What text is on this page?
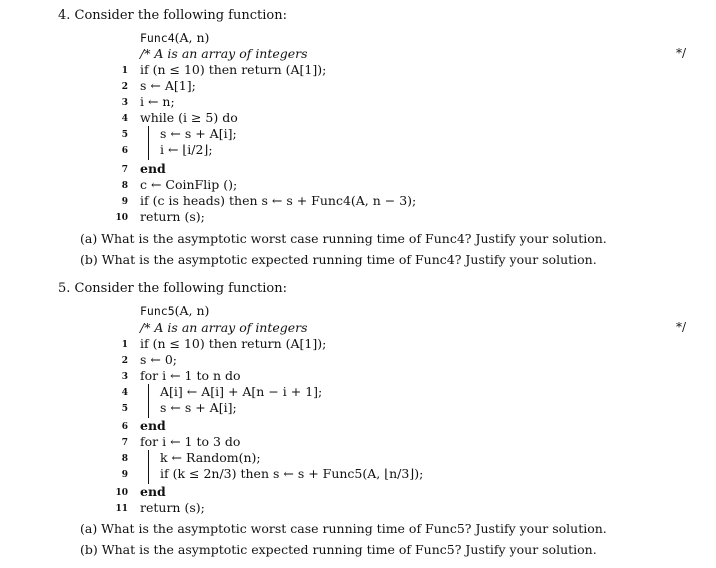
4. Consider the following function:
Func4(A, n)
/* A is an array of integers	*/
1 if (n ≤ 10) then return (A[1]);
2 s ← A[1];
3 i ← n;
4 while (i ≥ 5) do
5	s ← s + A[i];
6	i ← ⌊i/2⌋;
7 end
8 c ← CoinFlip ();
9 if (c is heads) then s ← s + Func4(A, n − 3);
10 return (s);
(a) What is the asymptotic worst case running time of Func4? Justify your solution.
(b) What is the asymptotic expected running time of Func4? Justify your solution.
5. Consider the following function:
Func5(A, n)
/* A is an array of integers	*/
1 if (n ≤ 10) then return (A[1]);
2 s ← 0;
3 for i ← 1 to n do
4	A[i] ← A[i] + A[n − i + 1];
5	s ← s + A[i];
6 end
7 for i ← 1 to 3 do
8	k ← Random(n);
9	if (k ≤ 2n/3) then s ← s + Func5(A, ⌊n/3⌋);
10 end
11 return (s);
(a) What is the asymptotic worst case running time of Func5? Justify your solution.
(b) What is the asymptotic expected running time of Func5? Justify your solution.
